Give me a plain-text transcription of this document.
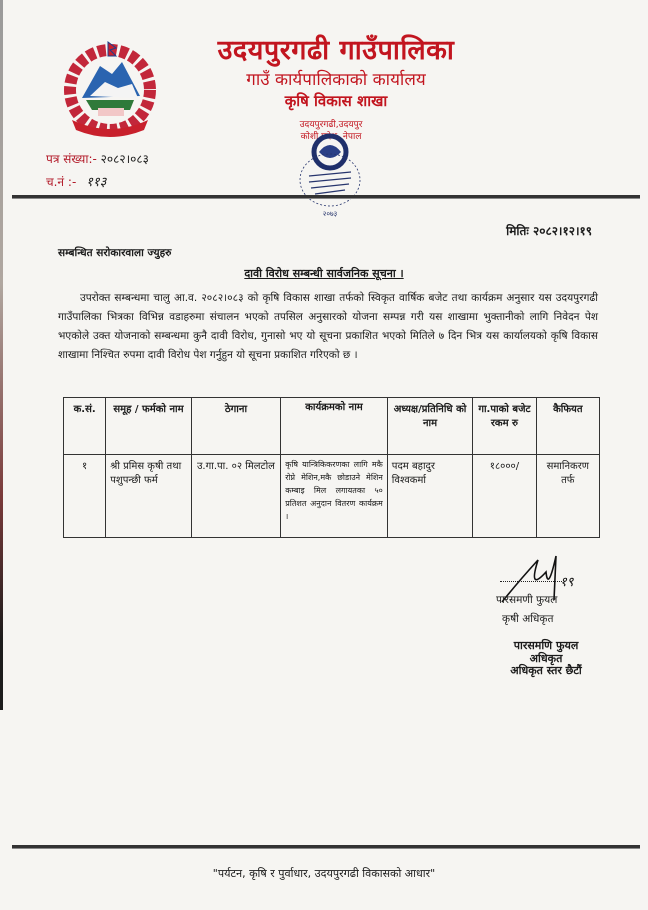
उदयपुरगढी गाउँपालिका
गाउँ कार्यपालिकाको कार्यालय
कृषि विकास शाखा
उदयपुरगढी,उदयपुर
कोशी प्रदेश, नेपाल
२०७३
पत्र संख्या:- २०८२।०८३
च.नं :- ११३
मितिः २०८२।१२।१९
सम्बन्धित सरोकारवाला ज्युहरु
दावी विरोध सम्बन्धी सार्वजनिक सूचना ।
उपरोक्त सम्बन्धमा चालु आ.व. २०८२।०८३ को कृषि विकास शाखा तर्फको स्विकृत वार्षिक बजेट तथा कार्यक्रम अनुसार यस उदयपुरगढी गाउँपालिका भित्रका विभिन्न वडाहरुमा संचालन भएको तपसिल अनुसारको योजना सम्पन्न गरी यस शाखामा भुक्तानीको लागि निवेदन पेश भएकोले उक्त योजनाको सम्बन्धमा कुनै दावी विरोध, गुनासो भए यो सूचना प्रकाशित भएको मितिले ७ दिन भित्र यस कार्यालयको कृषि विकास शाखामा निश्चित रुपमा दावी विरोध पेश गर्नुहुन यो सूचना प्रकाशित गरिएको छ ।
क.सं.	समूह / फर्मको नाम	ठेगाना	कार्यक्रमको नाम	अध्यक्ष/प्रतिनिधि को नाम	गा.पाको बजेट रकम रु	कैफियत
१	श्री प्रमिस कृषी तथा पशुपन्छी फर्म	उ.गा.पा. ०२ मिलटोल	कृषि यान्त्रिकिकरणका लागि मकै रोप्ने मेशिन,मकै छोडाउने मेशिन कम्बाइ मिल लगायतका ५० प्रतिशत अनुदान वितरण कार्यक्रम ।	पदम बहादुर विश्वकर्मा	१८०००/	समानिकरण तर्फ
१९
पारसमणी फुयल
कृषी अधिकृत
पारसमणि फुयल
अधिकृत
अधिकृत स्तर छैटौं
"पर्यटन, कृषि र पुर्वाधार, उदयपुरगढी विकासको आधार"
